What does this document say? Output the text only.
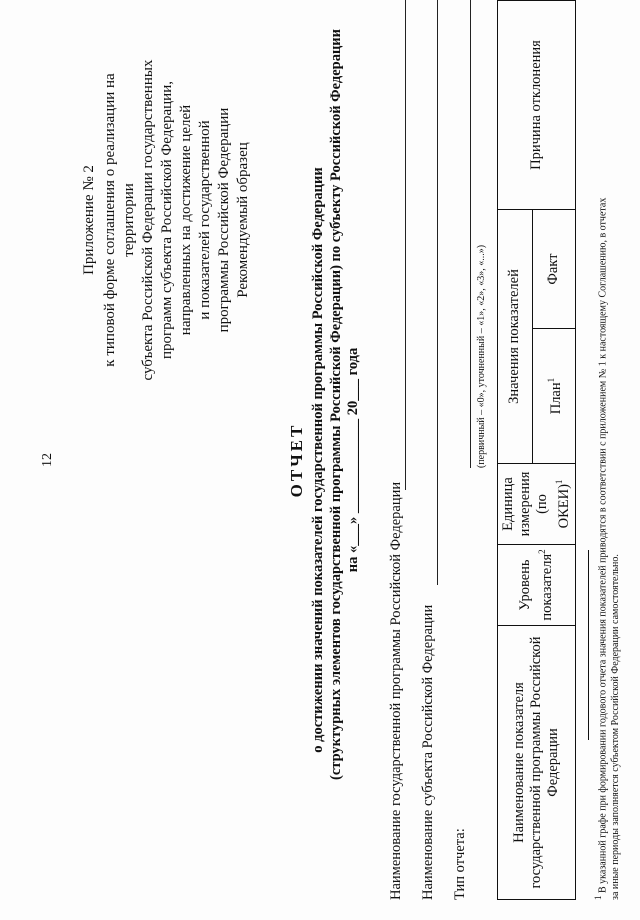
12
Приложение № 2 к типовой форме соглашения о реализации на территории субъекта Российской Федерации государственных программ субъекта Российской Федерации, направленных на достижение целей и показателей государственной программы Российской Федерации Рекомендуемый образец
ОТЧЕТ о достижении значений показателей государственной программы Российской Федерации (структурных элементов государственной программы Российской Федерации) по субъекту Российской Федерации на «___» _____________ 20___ года
Наименование государственной программы Российской Федерации Наименование субъекта Российской Федерации Тип отчета:
(первичный – «0», уточненный – «1», «2», «3», «...»)
Наименование показателя государственной программы Российской Федерации	Уровень показателя$^2$	Единица измерения (по ОКЕИ)$^1$	Значения показателей		Причина отклонения
			План$^1$	Факт	
$^1$ В указанной графе при формировании годового отчета значения показателей приводятся в соответствии с приложением № 1 к настоящему Соглашению, в отчетах за иные периоды заполняется субъектом Российской Федерации самостоятельно.
